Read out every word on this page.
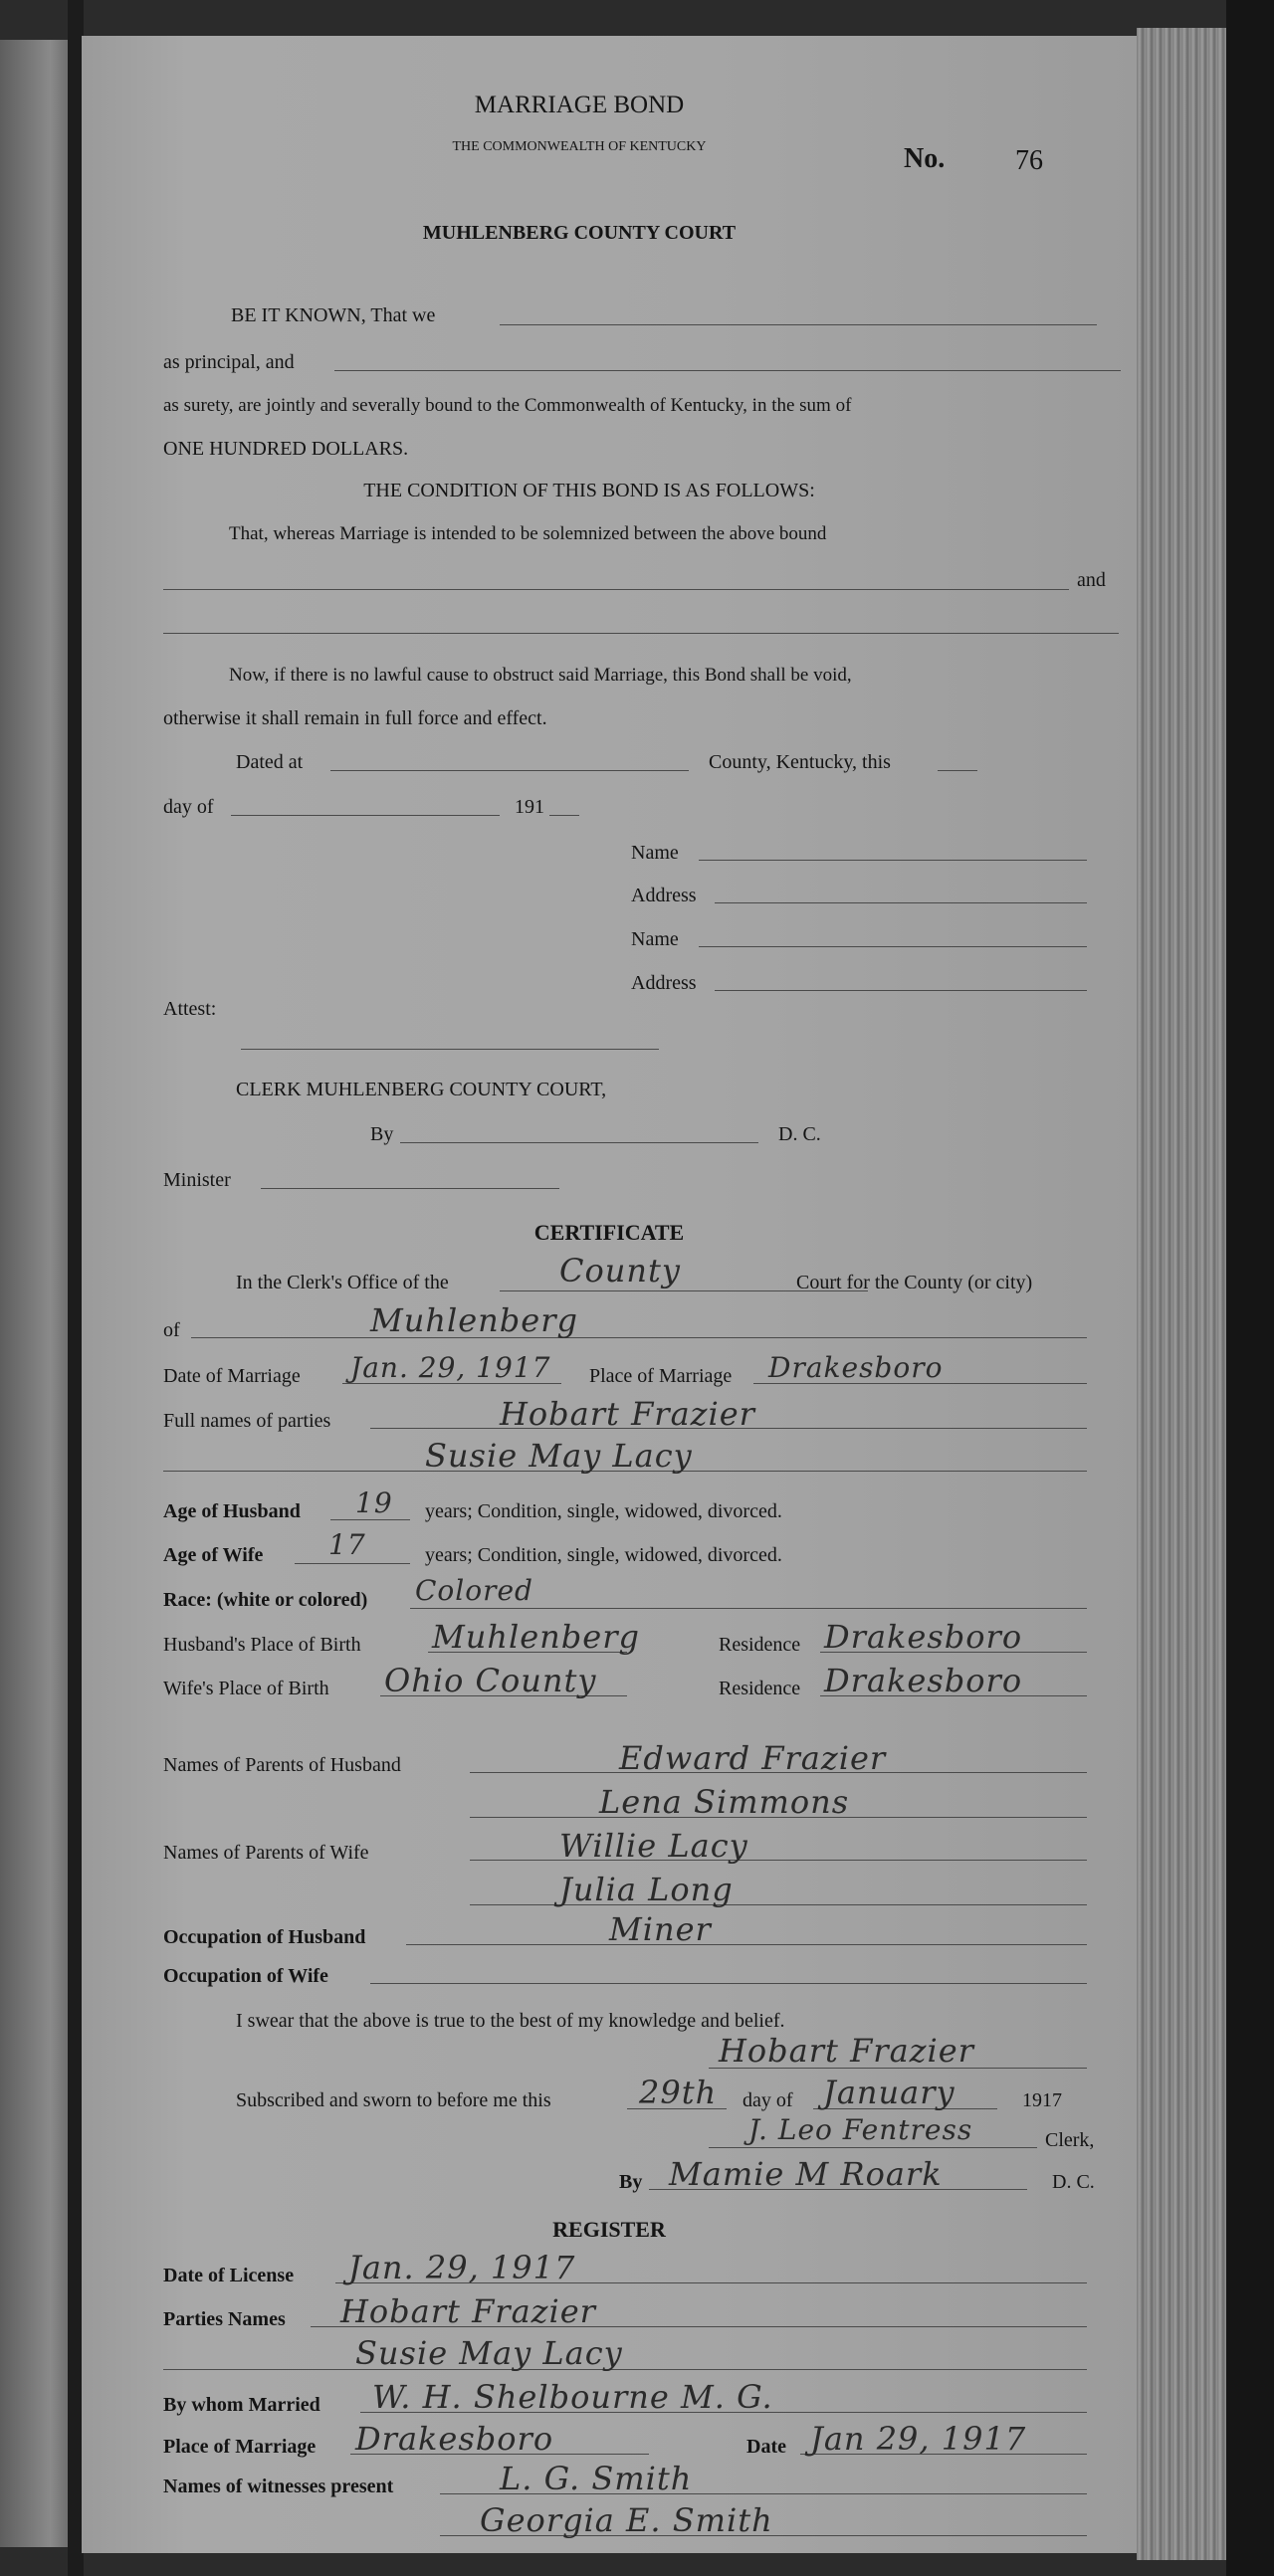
MARRIAGE BOND
THE COMMONWEALTH OF KENTUCKY	No.	76
MUHLENBERG COUNTY COURT
BE IT KNOWN, That we
as principal, and
as surety, are jointly and severally bound to the Commonwealth of Kentucky, in the sum of
ONE HUNDRED DOLLARS.
THE CONDITION OF THIS BOND IS AS FOLLOWS:
That, whereas Marriage is intended to be solemnized between the above bound
and
Now, if there is no lawful cause to obstruct said Marriage, this Bond shall be void,
otherwise it shall remain in full force and effect.
Dated at	County, Kentucky, this
day of	191
Name
Address
Name
Address
Attest:
CLERK MUHLENBERG COUNTY COURT,
By	D. C.
Minister
CERTIFICATE
In the Clerk's Office of the	County	Court for the County (or city)
of	Muhlenberg
Date of Marriage Jan. 29, 1917 Place of Marriage Drakesboro
Full names of parties	Hobart Frazier
Susie May Lacy
Age of Husband 19 years; Condition, single, widowed, divorced.
Age of Wife 17	years; Condition, single, widowed, divorced.
Race: (white or colored) Colored
Husband's Place of Birth Muhlenberg	Residence Drakesboro
Wife's Place of Birth Ohio County	Residence Drakesboro
Names of Parents of Husband	Edward Frazier
Lena Simmons
Names of Parents of Wife	Willie Lacy
Julia Long
Occupation of Husband	Miner
Occupation of Wife
I swear that the above is true to the best of my knowledge and belief.
Hobart Frazier
Subscribed and sworn to before me this	29th day of January	1917
J. Leo Fentress	Clerk,
By Mamie M Roark	D. C.
REGISTER
Date of License Jan. 29, 1917
Parties Names Hobart Frazier
Susie May Lacy
By whom Married W. H. Shelbourne M. G.
Place of Marriage Drakesboro	Date Jan 29, 1917
Names of witnesses present	L. G. Smith
Georgia E. Smith
